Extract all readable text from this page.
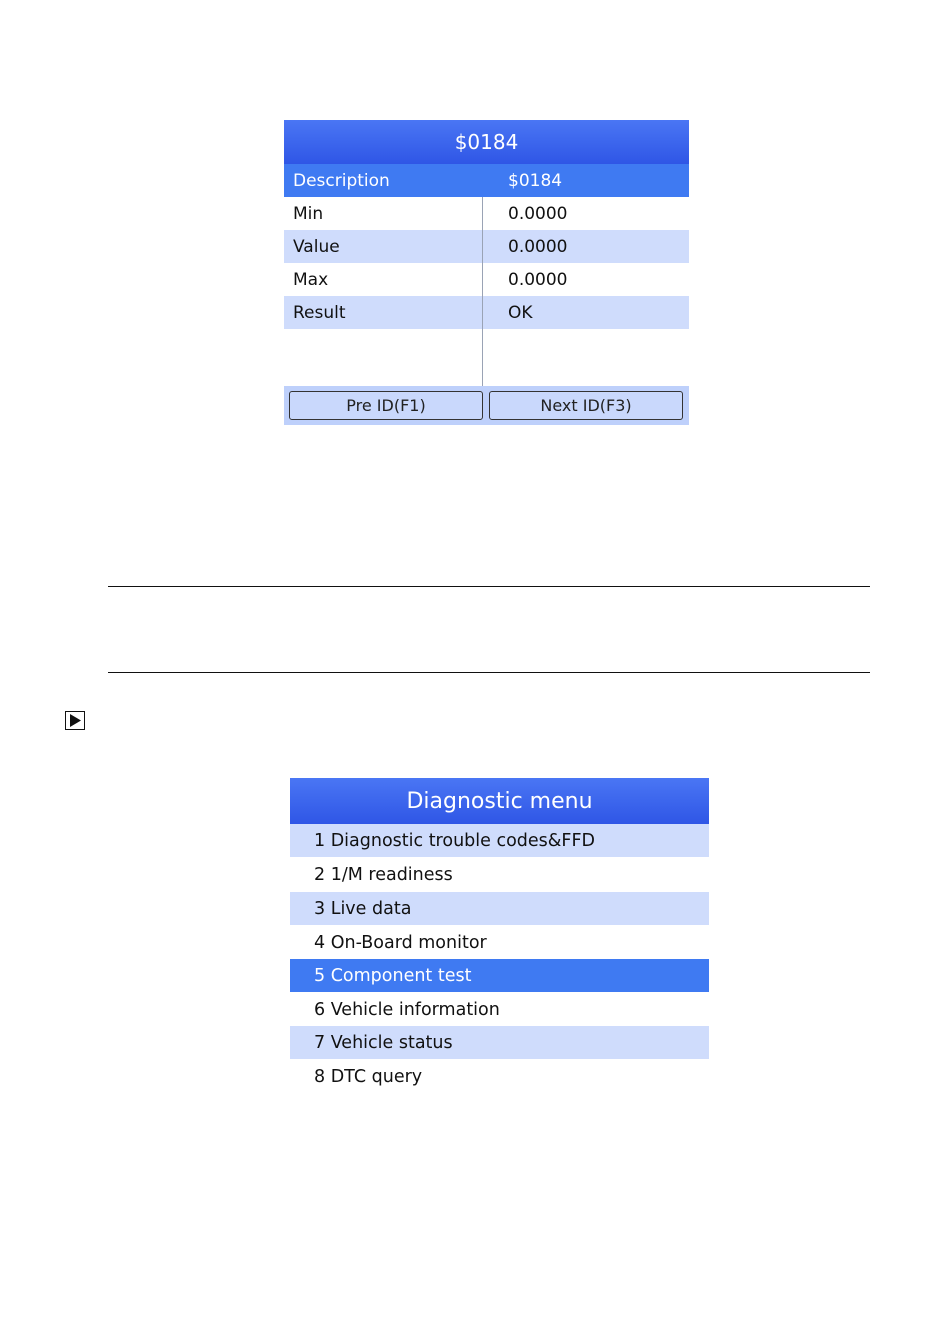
$0184
Description	$0184
Min	0.0000
Value	0.0000
Max	0.0000
Result	OK
Pre ID(F1)	Next ID(F3)
Diagnostic menu
1 Diagnostic trouble codes&FFD
2 1/M readiness
3 Live data
4 On-Board monitor
5 Component test
6 Vehicle information
7 Vehicle status
8 DTC query
